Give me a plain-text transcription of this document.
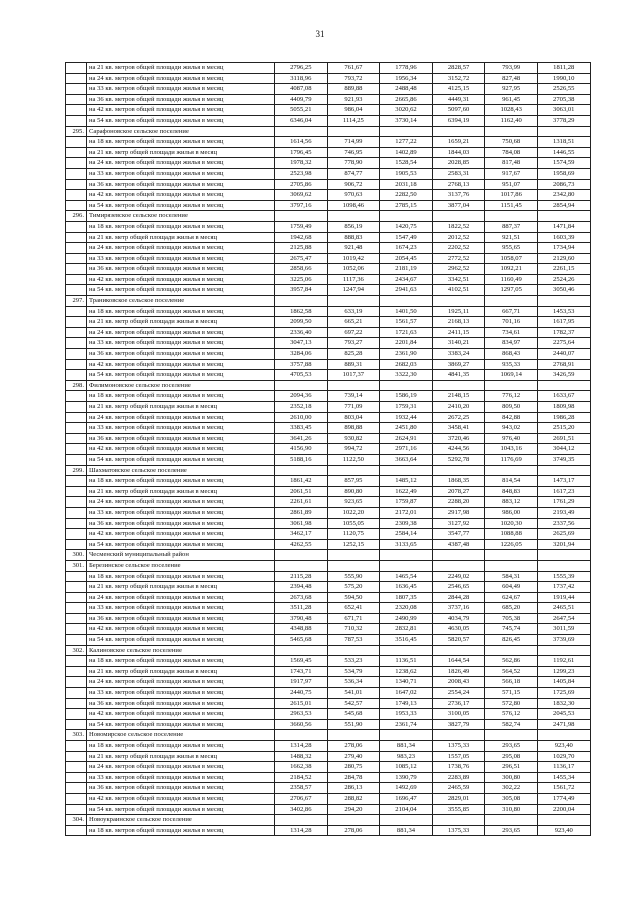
31
	на 21 кв. метров общей площади жилья в месяц	2796,25	761,67	1778,96	2828,57	793,99	1811,28
	на 24 кв. метров общей площади жилья в месяц	3118,96	793,72	1956,34	3152,72	827,48	1990,10
	на 33 кв. метров общей площади жилья в месяц	4087,08	889,88	2488,48	4125,15	927,95	2526,55
	на 36 кв. метров общей площади жилья в месяц	4409,79	921,93	2665,86	4449,31	961,45	2705,38
	на 42 кв. метров общей площади жилья в месяц	5055,21	986,04	3020,62	5097,60	1028,43	3063,01
	на 54 кв. метров общей площади жилья в месяц	6346,04	1114,25	3730,14	6394,19	1162,40	3778,29
295.	Сарафоновское сельское поселение						
	на 18 кв. метров общей площади жилья в месяц	1614,56	714,99	1277,22	1659,21	750,68	1318,51
	на 21 кв. метр общей площади жилья в месяц	1796,45	746,95	1402,89	1844,03	784,08	1446,55
	на 24 кв. метров общей площади жилья в месяц	1978,32	778,90	1528,54	2028,85	817,48	1574,59
	на 33 кв. метров общей площади жилья в месяц	2523,98	874,77	1905,53	2583,31	917,67	1958,69
	на 36 кв. метров общей площади жилья в месяц	2705,86	906,72	2031,18	2768,13	951,07	2086,73
	на 42 кв. метров общей площади жилья в месяц	3069,62	970,63	2282,50	3137,76	1017,86	2342,80
	на 54 кв. метров общей площади жилья в месяц	3797,16	1098,46	2785,15	3877,04	1151,45	2854,94
296.	Тимирязевское сельское поселение						
	на 18 кв. метров общей площади жилья в месяц	1759,49	856,19	1420,75	1822,52	887,37	1471,84
	на 21 кв. метр общей площади жилья в месяц	1942,68	888,83	1547,49	2012,52	921,51	1603,39
	на 24 кв. метров общей площади жилья в месяц	2125,88	921,48	1674,23	2202,52	955,65	1734,94
	на 33 кв. метров общей площади жилья в месяц	2675,47	1019,42	2054,45	2772,52	1058,07	2129,60
	на 36 кв. метров общей площади жилья в месяц	2858,66	1052,06	2181,19	2962,52	1092,21	2261,15
	на 42 кв. метров общей площади жилья в месяц	3225,06	1117,36	2434,67	3342,51	1160,49	2524,26
	на 54 кв. метров общей площади жилья в месяц	3957,84	1247,94	2941,63	4102,51	1297,05	3050,46
297.	Траниковское сельское поселение						
	на 18 кв. метров общей площади жилья в месяц	1862,58	633,19	1401,50	1925,11	667,71	1453,53
	на 21 кв. метр общей площади жилья в месяц	2099,50	665,21	1561,57	2168,13	701,16	1617,95
	на 24 кв. метров общей площади жилья в месяц	2336,40	697,22	1721,63	2411,15	734,61	1782,37
	на 33 кв. метров общей площади жилья в месяц	3047,13	793,27	2201,84	3140,21	834,97	2275,64
	на 36 кв. метров общей площади жилья в месяц	3284,06	825,28	2361,90	3383,24	868,43	2440,07
	на 42 кв. метров общей площади жилья в месяц	3757,88	889,31	2682,03	3869,27	935,33	2768,91
	на 54 кв. метров общей площади жилья в месяц	4705,53	1017,37	3322,30	4841,35	1069,14	3426,59
298.	Филимоновское сельское поселение						
	на 18 кв. метров общей площади жилья в месяц	2094,36	739,14	1586,19	2148,15	776,12	1633,67
	на 21 кв. метр общей площади жилья в месяц	2352,18	771,09	1759,31	2410,20	809,50	1809,98
	на 24 кв. метров общей площади жилья в месяц	2610,00	803,04	1932,44	2672,25	842,88	1986,28
	на 33 кв. метров общей площади жилья в месяц	3383,45	898,88	2451,80	3458,41	943,02	2515,20
	на 36 кв. метров общей площади жилья в месяц	3641,26	930,82	2624,91	3720,46	976,40	2691,51
	на 42 кв. метров общей площади жилья в месяц	4156,90	994,72	2971,16	4244,56	1043,16	3044,12
	на 54 кв. метров общей площади жилья в месяц	5188,16	1122,50	3663,64	5292,78	1176,69	3749,35
299.	Шахматовское сельское поселение						
	на 18 кв. метров общей площади жилья в месяц	1861,42	857,95	1485,12	1868,35	814,54	1473,17
	на 21 кв. метр общей площади жилья в месяц	2061,51	890,80	1622,49	2078,27	848,83	1617,23
	на 24 кв. метров общей площади жилья в месяц	2261,61	923,65	1759,87	2288,20	883,12	1761,29
	на 33 кв. метров общей площади жилья в месяц	2861,89	1022,20	2172,01	2917,98	986,00	2193,49
	на 36 кв. метров общей площади жилья в месяц	3061,98	1055,05	2309,38	3127,92	1020,30	2337,56
	на 42 кв. метров общей площади жилья в месяц	3462,17	1120,75	2584,14	3547,77	1088,88	2625,69
	на 54 кв. метров общей площади жилья в месяц	4262,55	1252,15	3133,65	4387,48	1226,05	3201,94
300.	Чесменский муниципальный район						
301.	Березинское сельское поселение						
	на 18 кв. метров общей площади жилья в месяц	2115,28	555,90	1465,54	2249,02	584,31	1555,39
	на 21 кв. метр общей площади жилья в месяц	2394,48	575,20	1636,45	2546,65	604,49	1737,42
	на 24 кв. метров общей площади жилья в месяц	2673,68	594,50	1807,35	2844,28	624,67	1919,44
	на 33 кв. метров общей площади жилья в месяц	3511,28	652,41	2320,08	3737,16	685,20	2465,51
	на 36 кв. метров общей площади жилья в месяц	3790,48	671,71	2490,99	4034,79	705,38	2647,54
	на 42 кв. метров общей площади жилья в месяц	4348,88	710,32	2832,81	4630,05	745,74	3011,59
	на 54 кв. метров общей площади жилья в месяц	5465,68	787,53	3516,45	5820,57	826,45	3739,69
302.	Калиновское сельское поселение						
	на 18 кв. метров общей площади жилья в месяц	1569,45	533,23	1136,51	1644,54	562,86	1192,61
	на 21 кв. метр общей площади жилья в месяц	1743,71	534,79	1238,62	1826,49	564,52	1299,23
	на 24 кв. метров общей площади жилья в месяц	1917,97	536,34	1340,71	2008,43	566,18	1405,84
	на 33 кв. метров общей площади жилья в месяц	2440,75	541,01	1647,02	2554,24	571,15	1725,69
	на 36 кв. метров общей площади жилья в месяц	2615,01	542,57	1749,13	2736,17	572,80	1832,30
	на 42 кв. метров общей площади жилья в месяц	2963,53	545,68	1953,33	3100,05	576,12	2045,53
	на 54 кв. метров общей площади жилья в месяц	3660,56	551,90	2361,74	3827,79	582,74	2471,98
303.	Новомирское сельское поселение						
	на 18 кв. метров общей площади жилья в месяц	1314,28	278,06	881,34	1375,33	293,65	923,40
	на 21 кв. метр общей площади жилья в месяц	1488,32	279,40	983,23	1557,05	295,08	1029,70
	на 24 кв. метров общей площади жилья в месяц	1662,38	280,75	1085,12	1738,76	296,51	1136,17
	на 33 кв. метров общей площади жилья в месяц	2184,52	284,78	1390,79	2283,89	300,80	1455,34
	на 36 кв. метров общей площади жилья в месяц	2358,57	286,13	1492,69	2465,59	302,22	1561,72
	на 42 кв. метров общей площади жилья в месяц	2706,67	288,82	1696,47	2829,01	305,08	1774,49
	на 54 кв. метров общей площади жилья в месяц	3402,86	294,20	2104,04	3555,85	310,80	2200,04
304.	Новоукраинское сельское поселение						
	на 18 кв. метров общей площади жилья в месяц	1314,28	278,06	881,34	1375,33	293,65	923,40
